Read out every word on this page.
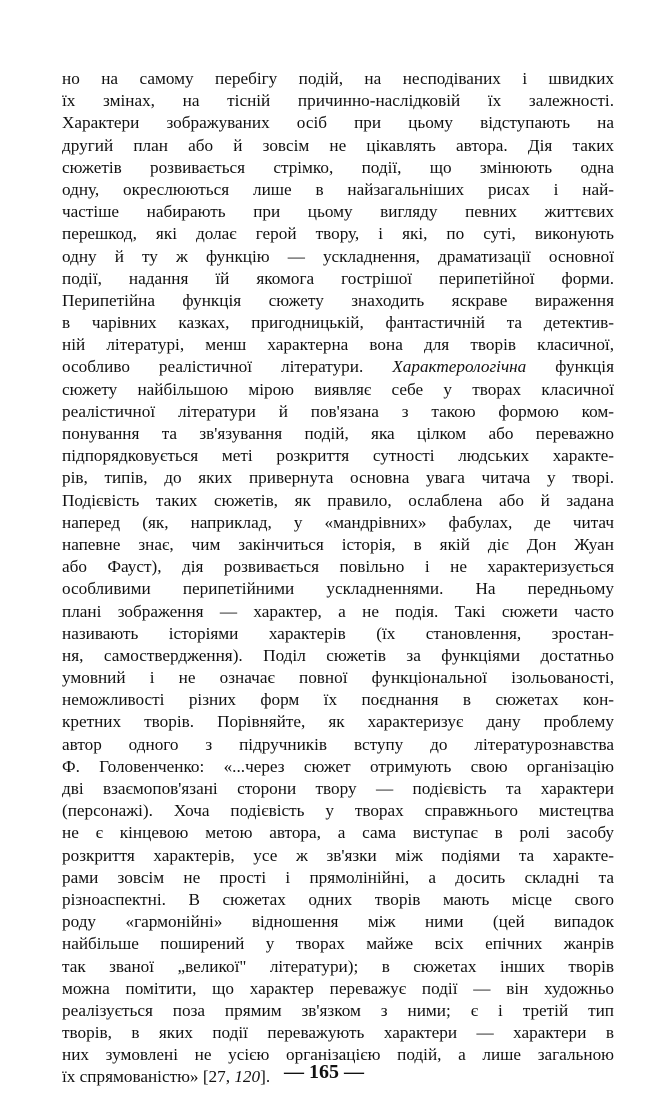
но на самому перебігу подій, на несподіваних і швидких
їх змінах, на тісній причинно-наслідковій їх залежності.
Характери зображуваних осіб при цьому відступають на
другий план або й зовсім не цікавлять автора. Дія таких
сюжетів розвивається стрімко, події, що змінюють одна
одну, окреслюються лише в найзагальніших рисах і най-
частіше набирають при цьому вигляду певних життєвих
перешкод, які долає герой твору, і які, по суті, виконують
одну й ту ж функцію — ускладнення, драматизації основної
події, надання їй якомога гострішої перипетійної форми.
Перипетійна функція сюжету знаходить яскраве вираження
в чарівних казках, пригодницькій, фантастичній та детектив-
ній літературі, менш характерна вона для творів класичної,
особливо реалістичної літератури. Характерологічна функція
сюжету найбільшою мірою виявляє себе у творах класичної
реалістичної літератури й пов'язана з такою формою ком-
понування та зв'язування подій, яка цілком або переважно
підпорядковується меті розкриття сутності людських характе-
рів, типів, до яких привернута основна увага читача у творі.
Подієвість таких сюжетів, як правило, ослаблена або й задана
наперед (як, наприклад, у «мандрівних» фабулах, де читач
напевне знає, чим закінчиться історія, в якій діє Дон Жуан
або Фауст), дія розвивається повільно і не характеризується
особливими перипетійними ускладненнями. На передньому
плані зображення — характер, а не подія. Такі сюжети часто
називають історіями характерів (їх становлення, зростан-
ня, самоствердження). Поділ сюжетів за функціями достатньо
умовний і не означає повної функціональної ізольованості,
неможливості різних форм їх поєднання в сюжетах кон-
кретних творів. Порівняйте, як характеризує дану проблему
автор одного з підручників вступу до літературознавства
Ф. Головенченко: «...через сюжет отримують свою організацію
дві взаємопов'язані сторони твору — подієвість та характери
(персонажі). Хоча подієвість у творах справжнього мистецтва
не є кінцевою метою автора, а сама виступає в ролі засобу
розкриття характерів, усе ж зв'язки між подіями та характе-
рами зовсім не прості і прямолінійні, а досить складні та
різноаспектні. В сюжетах одних творів мають місце свого
роду «гармонійні» відношення між ними (цей випадок
найбільше поширений у творах майже всіх епічних жанрів
так званої „великої" літератури); в сюжетах інших творів
можна помітити, що характер переважує події — він художньо
реалізується поза прямим зв'язком з ними; є і третій тип
творів, в яких події переважують характери — характери в
них зумовлені не усією організацією подій, а лише загальною
їх спрямованістю» [27, 120]. — 165 —
